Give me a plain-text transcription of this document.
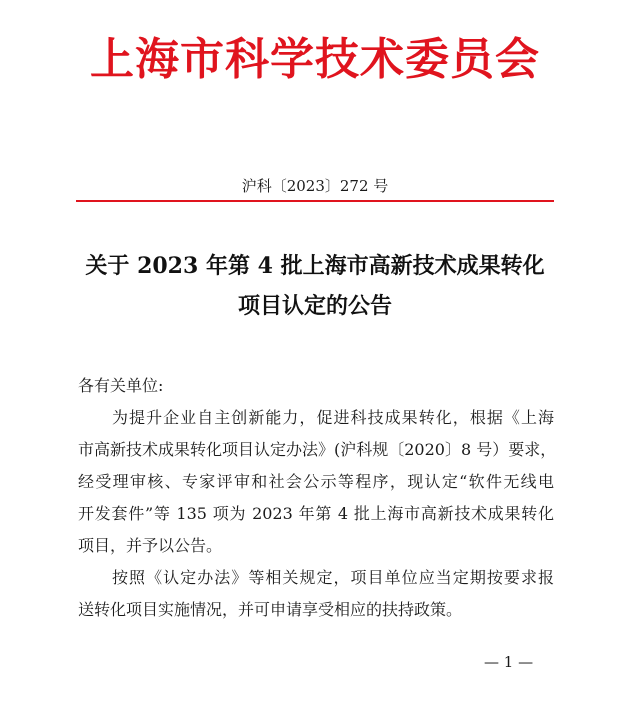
上海市科学技术委员会
沪科〔2023〕272 号
关于 2023 年第 4 批上海市高新技术成果转化
项目认定的公告
各有关单位:
为提升企业自主创新能力，促进科技成果转化，根据《上海
市高新技术成果转化项目认定办法》(沪科规〔2020〕8 号）要求，
经受理审核、专家评审和社会公示等程序，现认定“软件无线电
开发套件”等 135 项为 2023 年第 4 批上海市高新技术成果转化
项目，并予以公告。
按照《认定办法》等相关规定，项目单位应当定期按要求报
送转化项目实施情况，并可申请享受相应的扶持政策。
— 1 —
